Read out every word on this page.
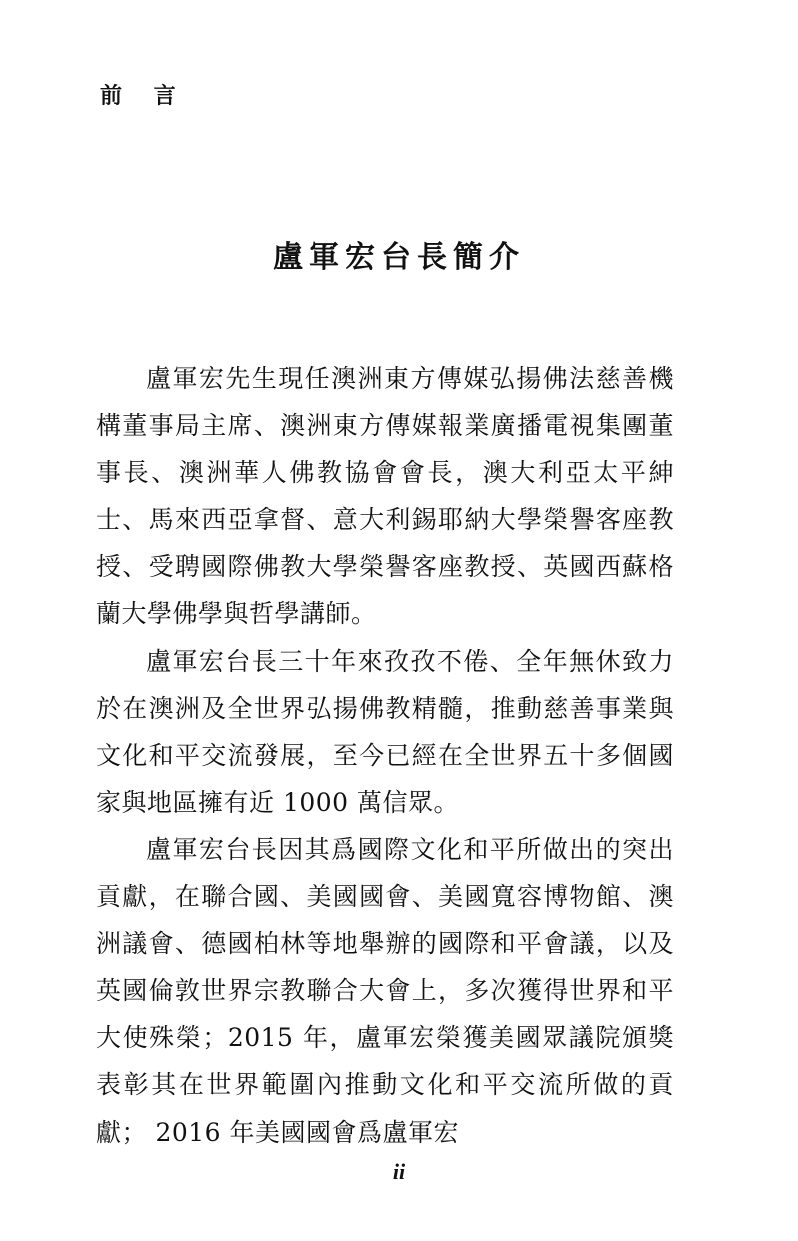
前 言
盧軍宏台長簡介

盧軍宏先生現任澳洲東方傳媒弘揚佛法慈善機構董事局主席、澳洲東方傳媒報業廣播電視集團董事長、澳洲華人佛教協會會長，澳大利亞太平紳士、馬來西亞拿督、意大利錫耶納大學榮譽客座教授、受聘國際佛教大學榮譽客座教授、英國西蘇格蘭大學佛學與哲學講師。

盧軍宏台長三十年來孜孜不倦、全年無休致力於在澳洲及全世界弘揚佛教精髓，推動慈善事業與文化和平交流發展，至今已經在全世界五十多個國家與地區擁有近 1000 萬信眾。

盧軍宏台長因其爲國際文化和平所做出的突出貢獻，在聯合國、美國國會、美國寬容博物館、澳洲議會、德國柏林等地舉辦的國際和平會議，以及英國倫敦世界宗教聯合大會上，多次獲得世界和平大使殊榮；2015 年，盧軍宏榮獲美國眾議院頒獎表彰其在世界範圍內推動文化和平交流所做的貢獻； 2016 年美國國會爲盧軍宏

ii
